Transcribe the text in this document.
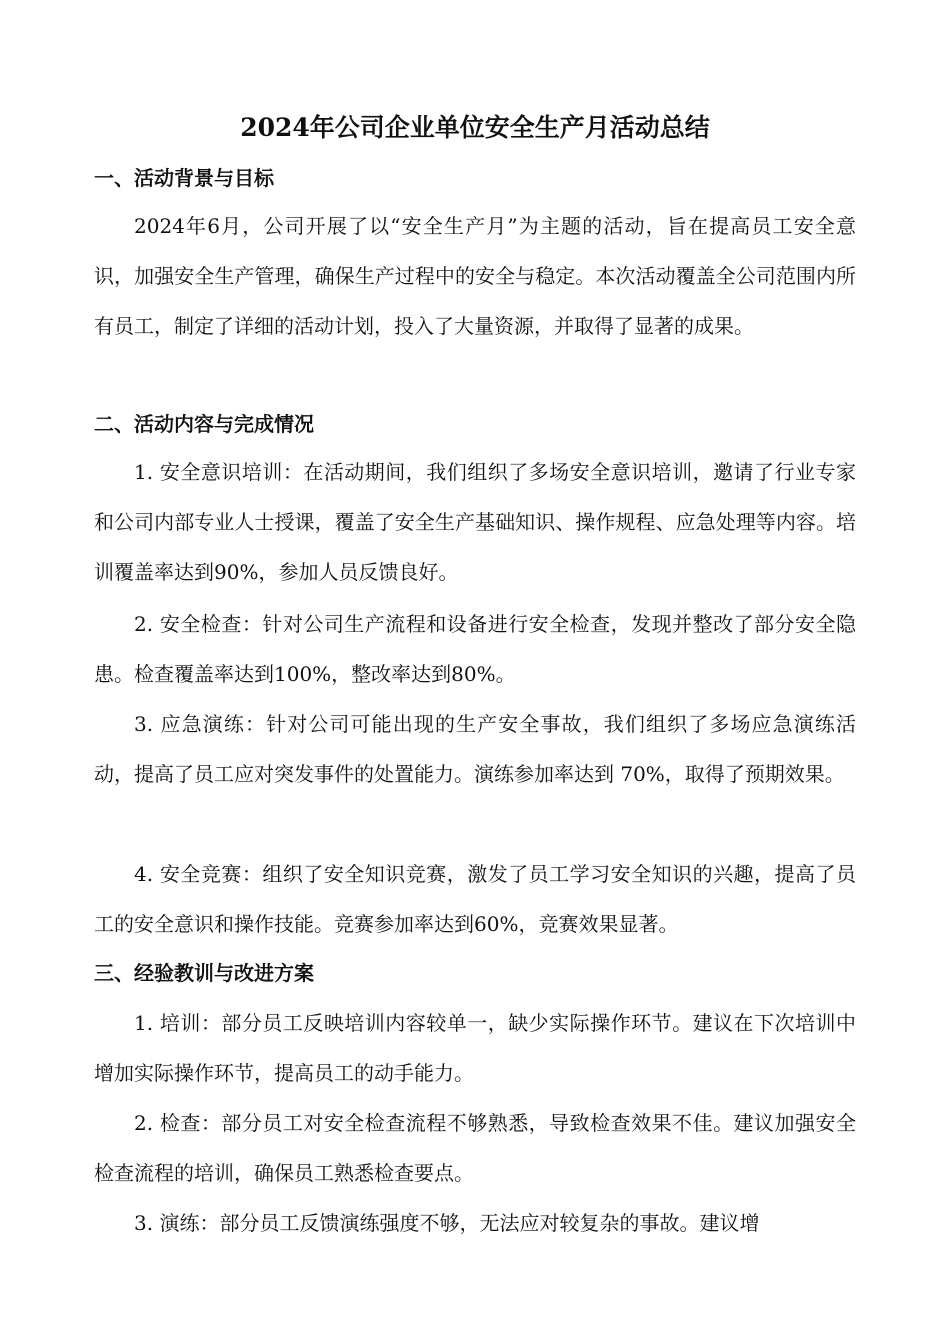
2024年公司企业单位安全生产月活动总结
一、活动背景与目标

2024年6月，公司开展了以“安全生产月”为主题的活动，旨在提高员工安全意识，加强安全生产管理，确保生产过程中的安全与稳定。本次活动覆盖全公司范围内所有员工，制定了详细的活动计划，投入了大量资源，并取得了显著的成果。

二、活动内容与完成情况

1. 安全意识培训：在活动期间，我们组织了多场安全意识培训，邀请了行业专家和公司内部专业人士授课，覆盖了安全生产基础知识、操作规程、应急处理等内容。培训覆盖率达到90%，参加人员反馈良好。

2. 安全检查：针对公司生产流程和设备进行安全检查，发现并整改了部分安全隐患。检查覆盖率达到100%，整改率达到80%。

3. 应急演练：针对公司可能出现的生产安全事故，我们组织了多场应急演练活动，提高了员工应对突发事件的处置能力。演练参加率达到 70%，取得了预期效果。

4. 安全竞赛：组织了安全知识竞赛，激发了员工学习安全知识的兴趣，提高了员工的安全意识和操作技能。竞赛参加率达到60%，竞赛效果显著。

三、经验教训与改进方案

1. 培训：部分员工反映培训内容较单一，缺少实际操作环节。建议在下次培训中增加实际操作环节，提高员工的动手能力。

2. 检查：部分员工对安全检查流程不够熟悉，导致检查效果不佳。建议加强安全检查流程的培训，确保员工熟悉检查要点。

3. 演练：部分员工反馈演练强度不够，无法应对较复杂的事故。建议增
